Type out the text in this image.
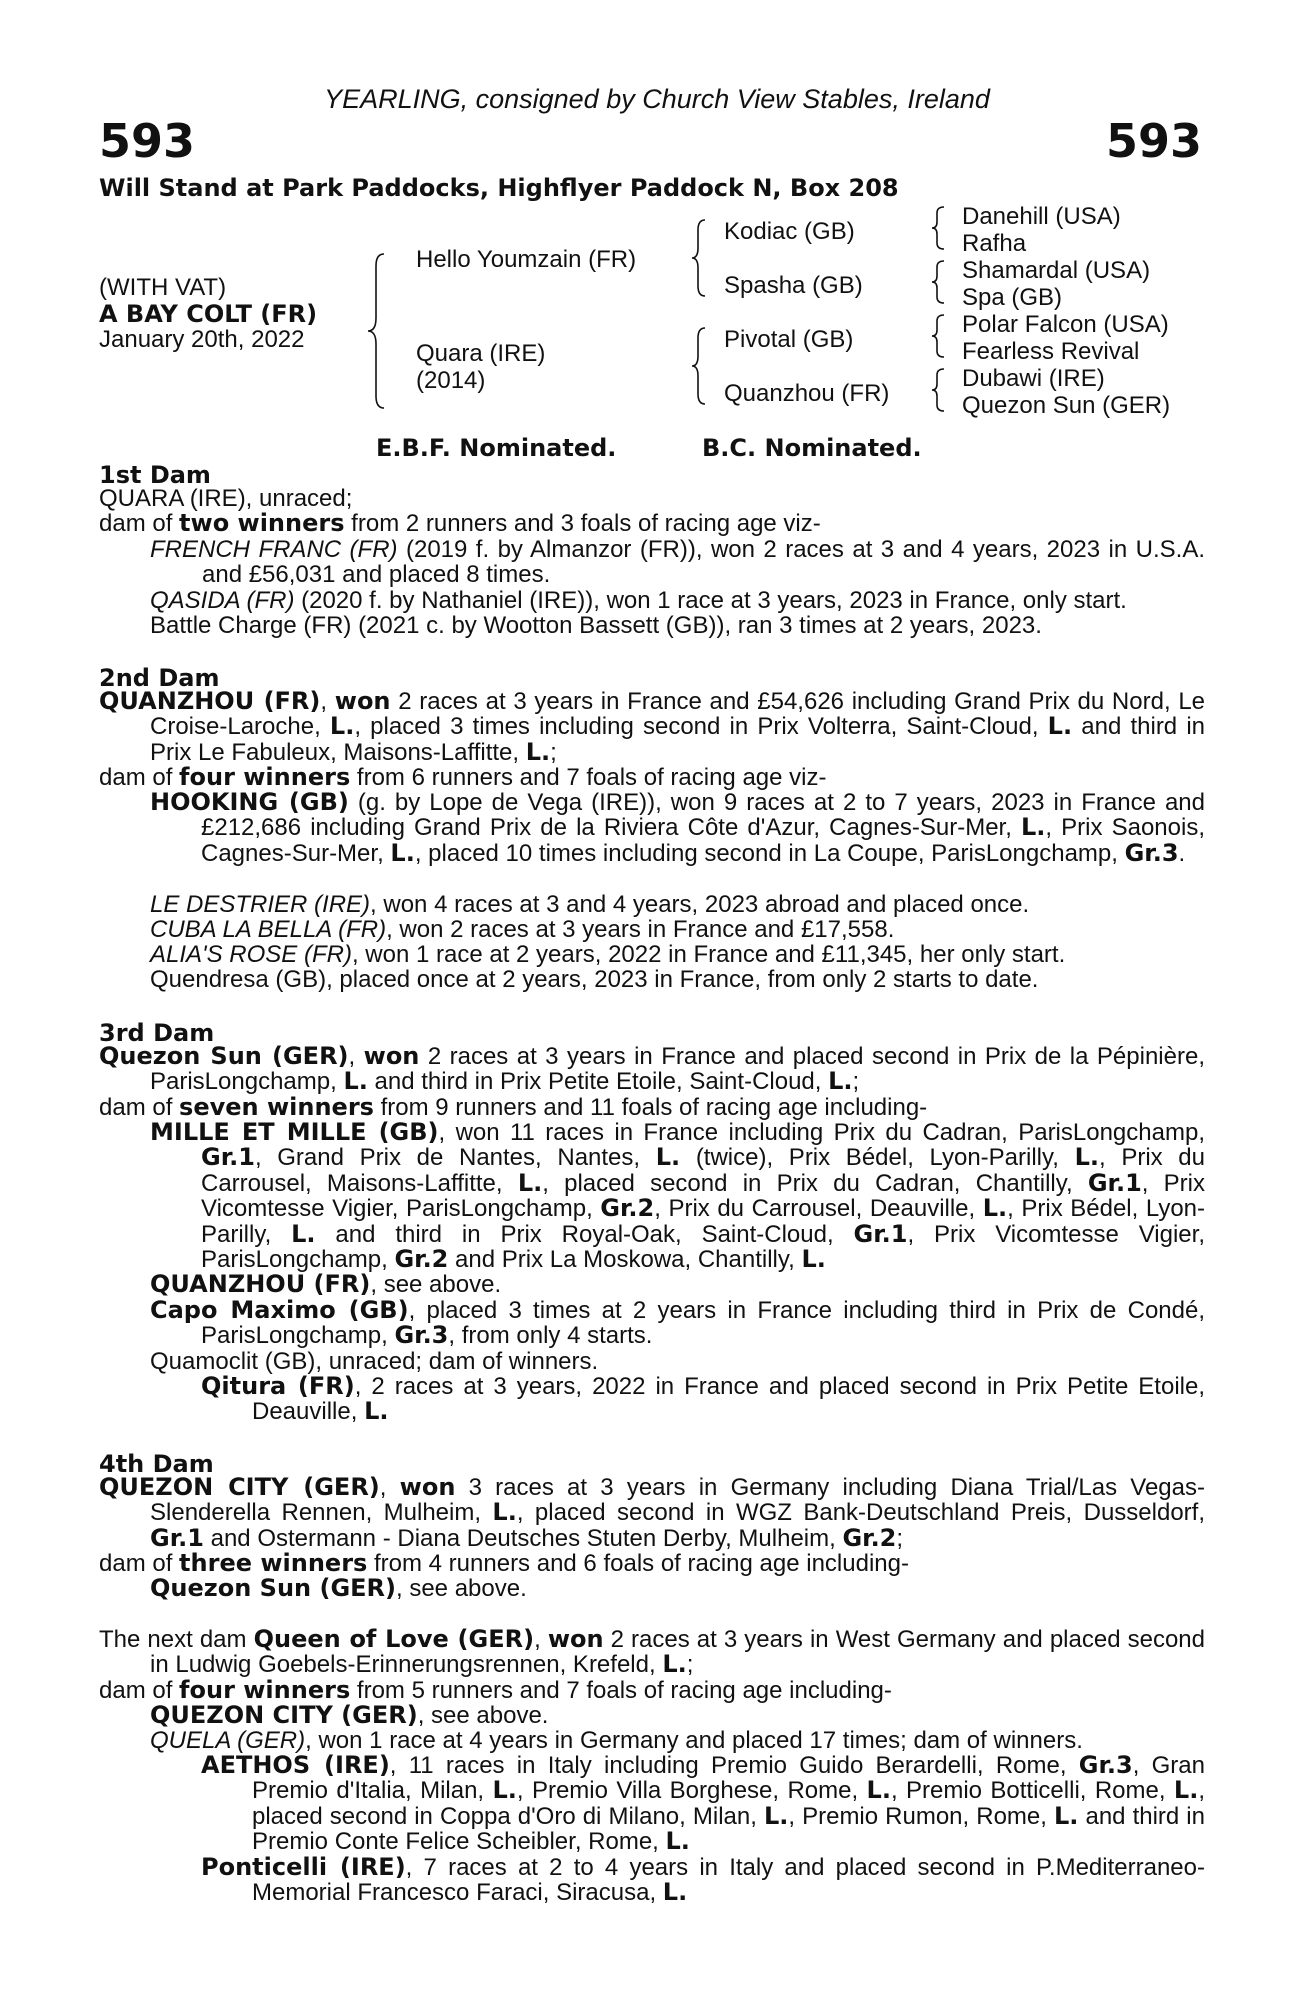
YEARLING, consigned by Church View Stables, Ireland
593	593
Will Stand at Park Paddocks, Highflyer Paddock N, Box 208
(WITH VAT)
A BAY COLT (FR)
January 20th, 2022
Hello Youmzain (FR)
Quara (IRE)
(2014)
Kodiac (GB)
Spasha (GB)
Pivotal (GB)
Quanzhou (FR)
Danehill (USA)
Rafha
Shamardal (USA)
Spa (GB)
Polar Falcon (USA)
Fearless Revival
Dubawi (IRE)
Quezon Sun (GER)
E.B.F. Nominated.	B.C. Nominated.
1st Dam
QUARA (IRE), unraced;
dam of two winners from 2 runners and 3 foals of racing age viz-
FRENCH FRANC (FR) (2019 f. by Almanzor (FR)), won 2 races at 3 and 4 years, 2023 in U.S.A. and £56,031 and placed 8 times.
QASIDA (FR) (2020 f. by Nathaniel (IRE)), won 1 race at 3 years, 2023 in France, only start.
Battle Charge (FR) (2021 c. by Wootton Bassett (GB)), ran 3 times at 2 years, 2023.
2nd Dam
QUANZHOU (FR), won 2 races at 3 years in France and £54,626 including Grand Prix du Nord, Le Croise-Laroche, L., placed 3 times including second in Prix Volterra, Saint-Cloud, L. and third in Prix Le Fabuleux, Maisons-Laffitte, L.;
dam of four winners from 6 runners and 7 foals of racing age viz-
HOOKING (GB) (g. by Lope de Vega (IRE)), won 9 races at 2 to 7 years, 2023 in France and £212,686 including Grand Prix de la Riviera Côte d'Azur, Cagnes-Sur-Mer, L., Prix Saonois, Cagnes-Sur-Mer, L., placed 10 times including second in La Coupe, ParisLongchamp, Gr.3.
LE DESTRIER (IRE), won 4 races at 3 and 4 years, 2023 abroad and placed once.
CUBA LA BELLA (FR), won 2 races at 3 years in France and £17,558.
ALIA'S ROSE (FR), won 1 race at 2 years, 2022 in France and £11,345, her only start.
Quendresa (GB), placed once at 2 years, 2023 in France, from only 2 starts to date.
3rd Dam
Quezon Sun (GER), won 2 races at 3 years in France and placed second in Prix de la Pépinière, ParisLongchamp, L. and third in Prix Petite Etoile, Saint-Cloud, L.;
dam of seven winners from 9 runners and 11 foals of racing age including-
MILLE ET MILLE (GB), won 11 races in France including Prix du Cadran, ParisLongchamp, Gr.1, Grand Prix de Nantes, Nantes, L. (twice), Prix Bédel, Lyon-Parilly, L., Prix du Carrousel, Maisons-Laffitte, L., placed second in Prix du Cadran, Chantilly, Gr.1, Prix Vicomtesse Vigier, ParisLongchamp, Gr.2, Prix du Carrousel, Deauville, L., Prix Bédel, Lyon-Parilly, L. and third in Prix Royal-Oak, Saint-Cloud, Gr.1, Prix Vicomtesse Vigier, ParisLongchamp, Gr.2 and Prix La Moskowa, Chantilly, L.
QUANZHOU (FR), see above.
Capo Maximo (GB), placed 3 times at 2 years in France including third in Prix de Condé, ParisLongchamp, Gr.3, from only 4 starts.
Quamoclit (GB), unraced; dam of winners.
Qitura (FR), 2 races at 3 years, 2022 in France and placed second in Prix Petite Etoile, Deauville, L.
4th Dam
QUEZON CITY (GER), won 3 races at 3 years in Germany including Diana Trial/Las Vegas-Slenderella Rennen, Mulheim, L., placed second in WGZ Bank-Deutschland Preis, Dusseldorf, Gr.1 and Ostermann - Diana Deutsches Stuten Derby, Mulheim, Gr.2;
dam of three winners from 4 runners and 6 foals of racing age including-
Quezon Sun (GER), see above.
The next dam Queen of Love (GER), won 2 races at 3 years in West Germany and placed second in Ludwig Goebels-Erinnerungsrennen, Krefeld, L.;
dam of four winners from 5 runners and 7 foals of racing age including-
QUEZON CITY (GER), see above.
QUELA (GER), won 1 race at 4 years in Germany and placed 17 times; dam of winners.
AETHOS (IRE), 11 races in Italy including Premio Guido Berardelli, Rome, Gr.3, Gran Premio d'Italia, Milan, L., Premio Villa Borghese, Rome, L., Premio Botticelli, Rome, L., placed second in Coppa d'Oro di Milano, Milan, L., Premio Rumon, Rome, L. and third in Premio Conte Felice Scheibler, Rome, L.
Ponticelli (IRE), 7 races at 2 to 4 years in Italy and placed second in P.Mediterraneo-Memorial Francesco Faraci, Siracusa, L.
